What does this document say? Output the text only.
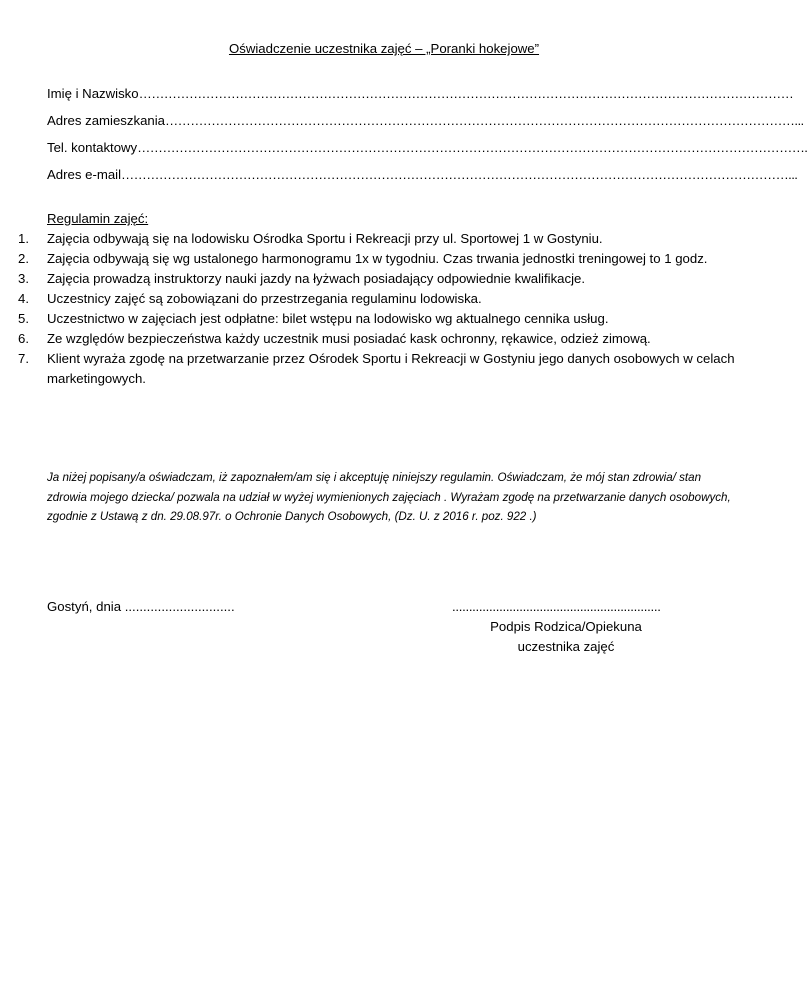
Oświadczenie uczestnika zajęć – „Poranki hokejowe”
Imię i Nazwisko…………………………………………………………………………………………………………………………………………
Adres zamieszkania……………………………………………………………………………………………………………………………………...
Tel. kontaktowy…………………………………………………………………………………………………………………………………………….
Adres e-mail……………………………………………………………………………………………………………………………………………...
Regulamin zajęć:
1. Zajęcia odbywają się na lodowisku Ośrodka Sportu i Rekreacji przy ul. Sportowej 1 w Gostyniu.
2. Zajęcia odbywają się wg ustalonego harmonogramu 1x w tygodniu. Czas trwania jednostki treningowej to 1 godz.
3. Zajęcia prowadzą instruktorzy nauki jazdy na łyżwach posiadający odpowiednie kwalifikacje.
4. Uczestnicy zajęć są zobowiązani do przestrzegania regulaminu lodowiska.
5. Uczestnictwo w zajęciach jest odpłatne: bilet wstępu na lodowisko wg aktualnego cennika usług.
6. Ze względów bezpieczeństwa każdy uczestnik musi posiadać kask ochronny, rękawice, odzież zimową.
7. Klient wyraża zgodę na przetwarzanie przez Ośrodek Sportu i Rekreacji w Gostyniu jego danych osobowych w celach marketingowych.
Ja niżej popisany/a oświadczam, iż zapoznałem/am się i akceptuję niniejszy regulamin. Oświadczam, że mój stan zdrowia/ stan zdrowia mojego dziecka/ pozwala na udział w wyżej wymienionych zajęciach . Wyrażam zgodę na przetwarzanie danych osobowych, zgodnie z Ustawą z dn. 29.08.97r. o Ochronie Danych Osobowych, (Dz. U. z 2016 r. poz. 922 .)
Gostyń, dnia ..............................	..............................................................
Podpis Rodzica/Opiekuna
uczestnika zajęć
